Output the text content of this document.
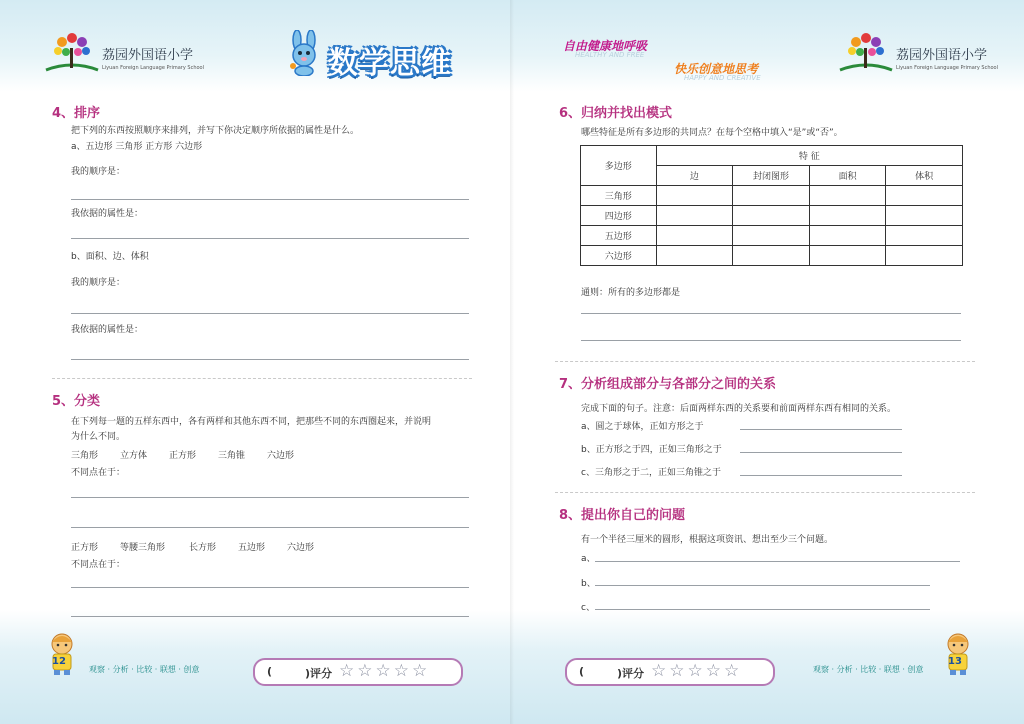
荔园外国语小学
Liyuan Foreign Language Primary School	数学思维	自由健康地呼吸
HEALTHY AND FREE
快乐创意地思考
HAPPY AND CREATIVE
荔园外国语小学
Liyuan Foreign Language Primary School
4、排序
把下列的东西按照顺序来排列，并写下你决定顺序所依据的属性是什么。
a、五边形 三角形 正方形 六边形
我的顺序是：
我依据的属性是：
b、面积、边、体积
我的顺序是：
我依据的属性是：
5、分类
在下列每一题的五样东西中，各有两样和其他东西不同，把那些不同的东西圈起来，并说明
为什么不同。
三角形 立方体 正方形 三角锥 六边形
不同点在于：
正方形 等腰三角形	长方形 五边形 六边形
不同点在于：
6、归纳并找出模式
哪些特征是所有多边形的共同点？在每个空格中填入“是”或“否”。
多边形	特 征			
	边	封闭图形	面积	体积
三角形				
四边形				
五边形				
六边形				
通则：所有的多边形都是
7、分析组成部分与各部分之间的关系
完成下面的句子。注意：后面两样东西的关系要和前面两样东西有相同的关系。
a、圆之于球体，正如方形之于
b、正方形之于四，正如三角形之于
c、三角形之于二，正如三角锥之于
8、提出你自己的问题
有一个半径三厘米的圆形，根据这项资讯、想出至少三个问题。
a、
b、
c、
12
观察 · 分析 · 比较 · 联想 · 创意	(	)评分 ☆☆☆☆☆	(	)评分 ☆☆☆☆☆	观察 · 分析 · 比较 · 联想 · 创意
13
